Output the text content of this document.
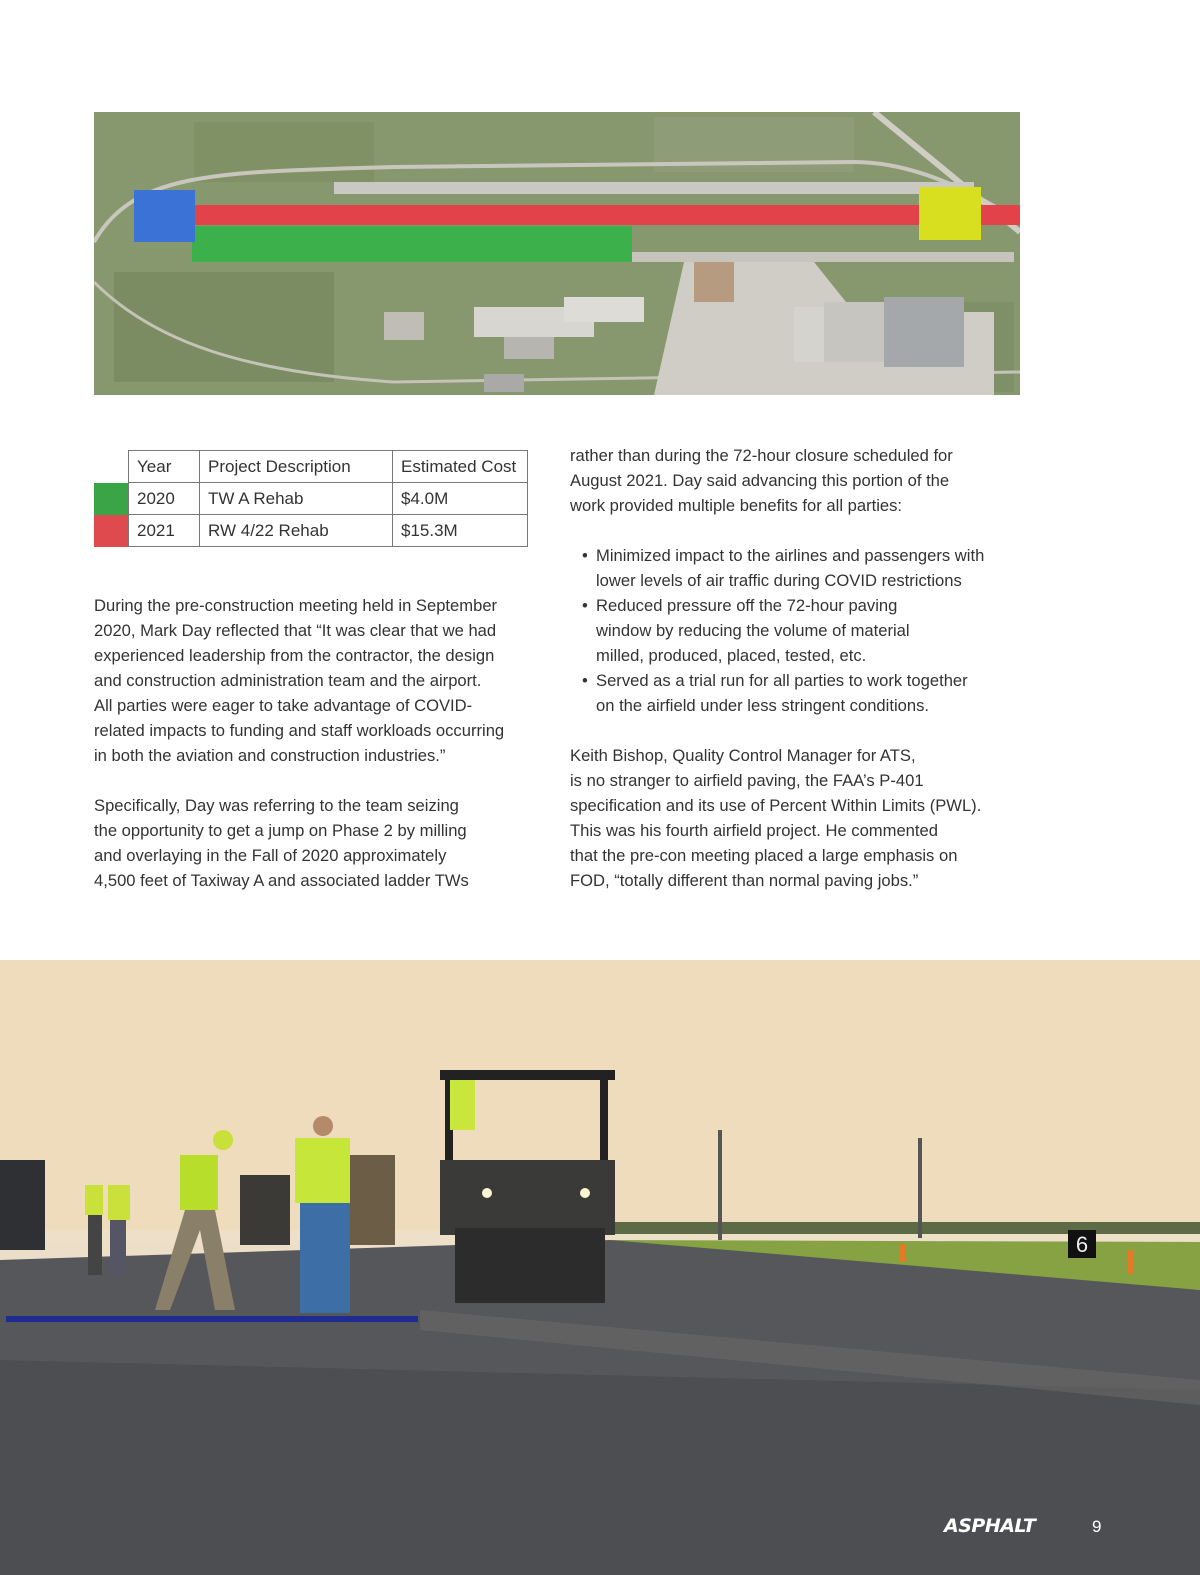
	Year	Project Description	Estimated Cost
	2020	TW A Rehab	$4.0M
	2021	RW 4/22 Rehab	$15.3M

During the pre-construction meeting held in September
2020, Mark Day reflected that “It was clear that we had
experienced leadership from the contractor, the design
and construction administration team and the airport.
All parties were eager to take advantage of COVID-
related impacts to funding and staff workloads occurring
in both the aviation and construction industries.”

Specifically, Day was referring to the team seizing
the opportunity to get a jump on Phase 2 by milling
and overlaying in the Fall of 2020 approximately
4,500 feet of Taxiway A and associated ladder TWs

rather than during the 72-hour closure scheduled for
August 2021. Day said advancing this portion of the
work provided multiple benefits for all parties:

• Minimized impact to the airlines and passengers with
lower levels of air traffic during COVID restrictions
• Reduced pressure off the 72-hour paving
window by reducing the volume of material
milled, produced, placed, tested, etc.
• Served as a trial run for all parties to work together
on the airfield under less stringent conditions.

Keith Bishop, Quality Control Manager for ATS,
is no stranger to airfield paving, the FAA’s P-401
specification and its use of Percent Within Limits (PWL).
This was his fourth airfield project. He commented
that the pre-con meeting placed a large emphasis on
FOD, “totally different than normal paving jobs.”

6
ASPHALT	9
